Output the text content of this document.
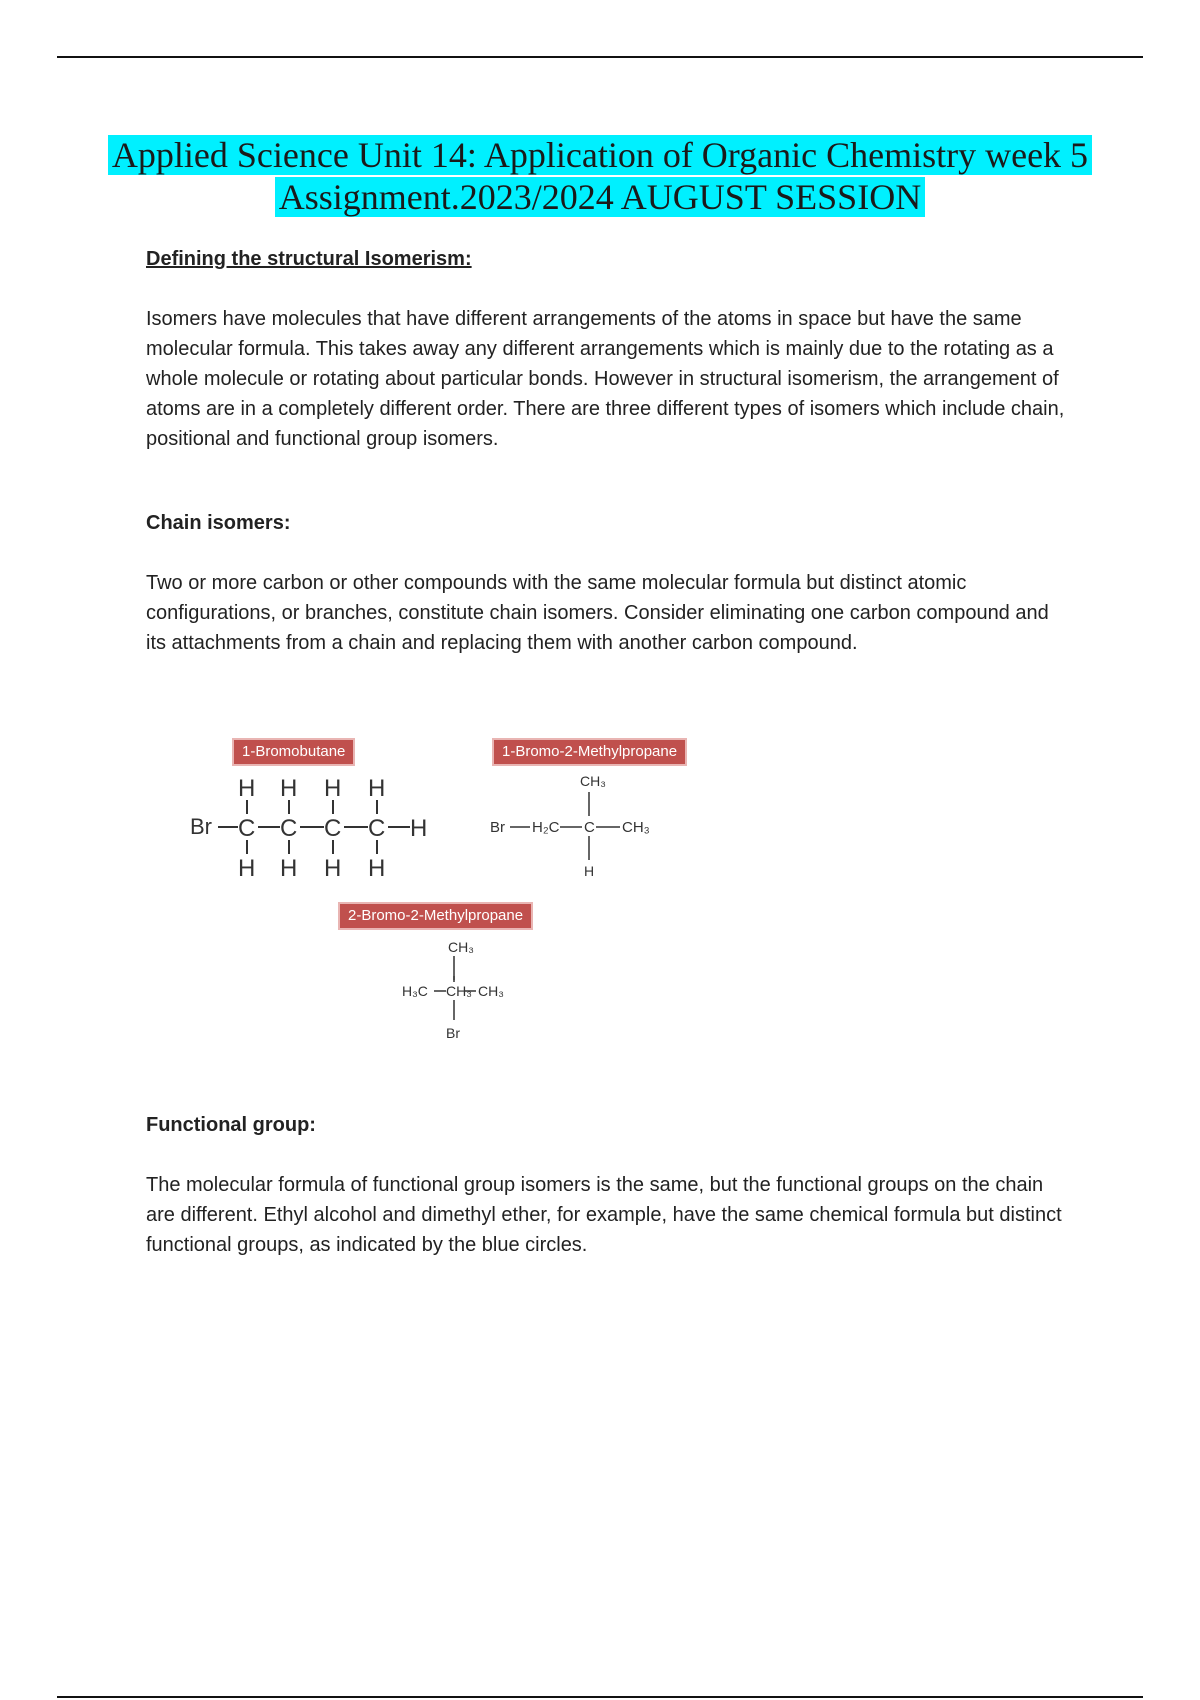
Applied Science Unit 14: Application of Organic Chemistry week 5
Assignment.2023/2024 AUGUST SESSION
Defining the structural Isomerism:

Isomers have molecules that have different arrangements of the atoms in space but have the same molecular formula. This takes away any different arrangements which is mainly due to the rotating as a whole molecule or rotating about particular bonds. However in structural isomerism, the arrangement of atoms are in a completely different order. There are three different types of isomers which include chain, positional and functional group isomers.

Chain isomers:

Two or more carbon or other compounds with the same molecular formula but distinct atomic configurations, or branches, constitute chain isomers. Consider eliminating one carbon compound and its attachments from a chain and replacing them with another carbon compound.

Br C C C C H
H H H H
H H H H
Br H₂C C CH₃
CH₃
H
CH₃
H₃C	CH₃
CH₃
Br
1-Bromobutane	1-Bromo-2-Methylpropane
2-Bromo-2-Methylpropane
Functional group:

The molecular formula of functional group isomers is the same, but the functional groups on the chain are different. Ethyl alcohol and dimethyl ether, for example, have the same chemical formula but distinct functional groups, as indicated by the blue circles.
